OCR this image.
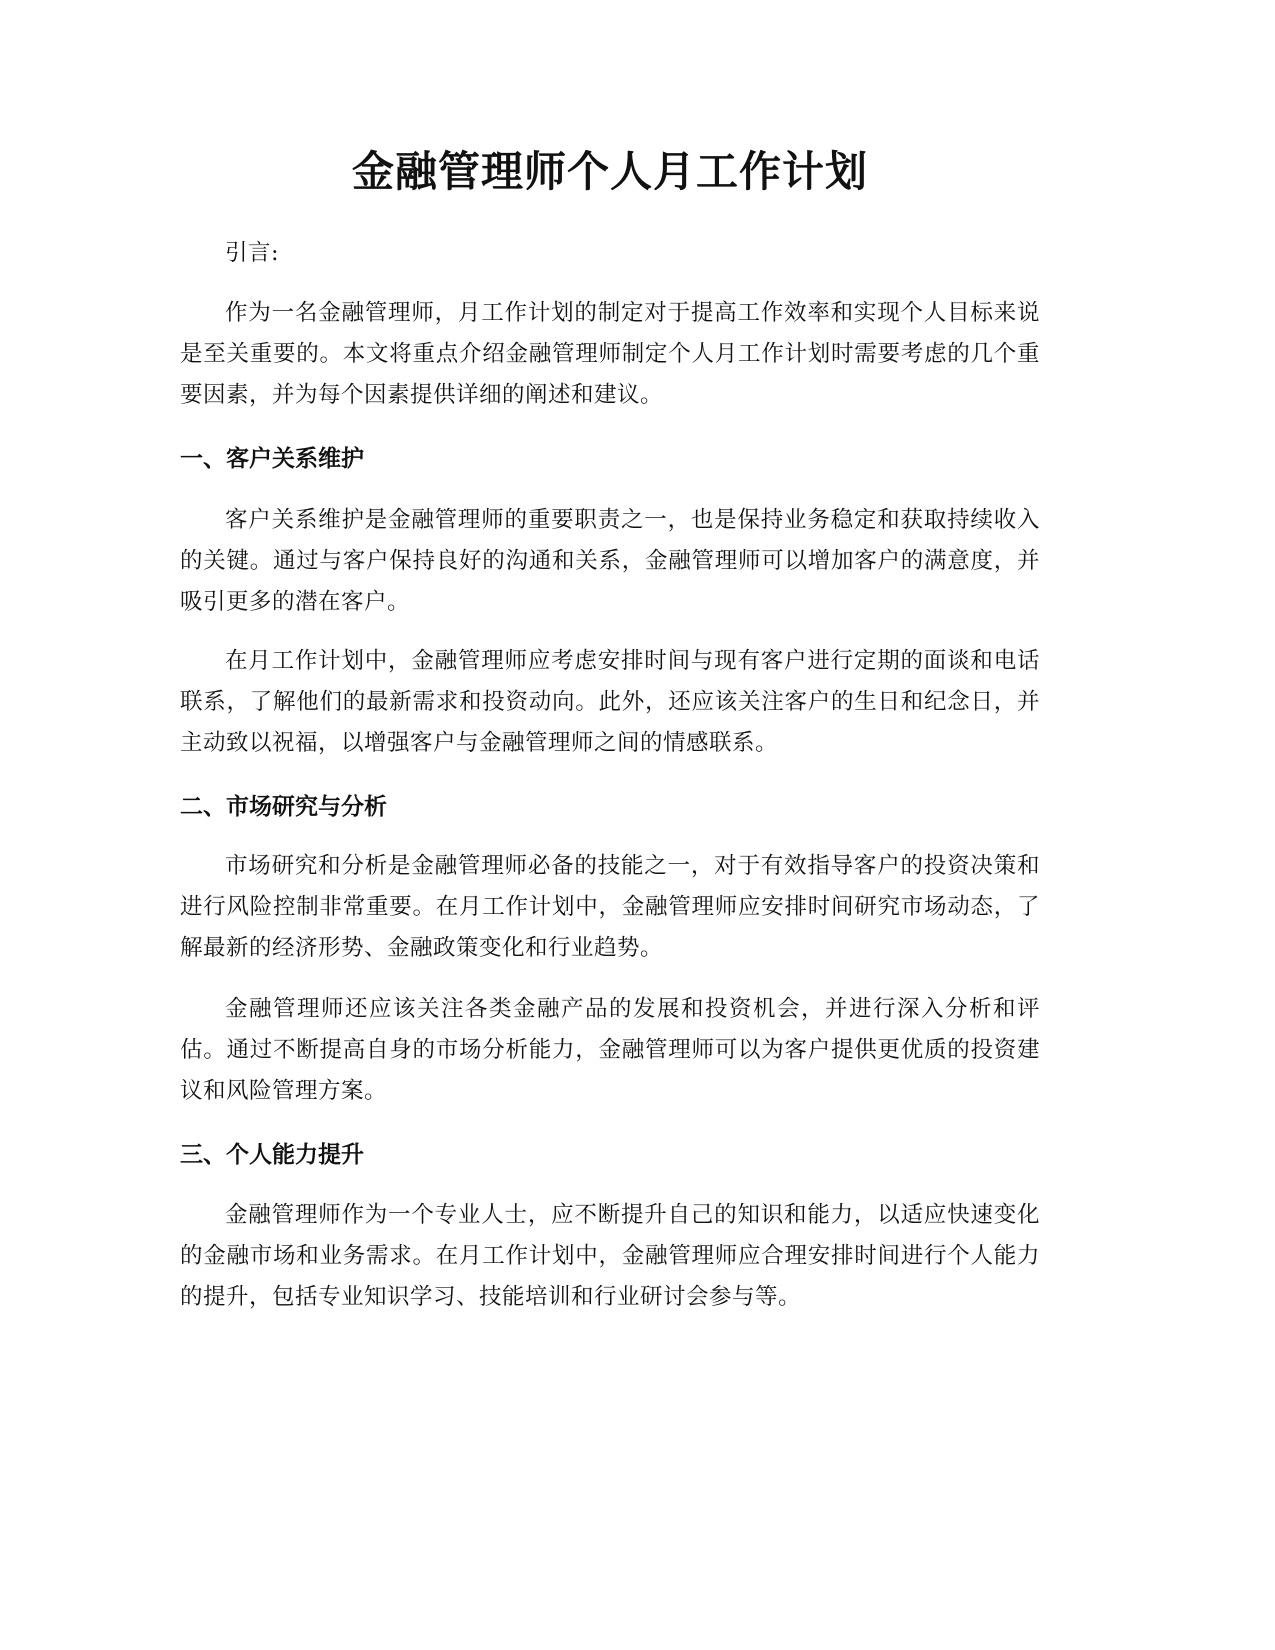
金融管理师个人月工作计划

引言:

作为一名金融管理师，月工作计划的制定对于提高工作效率和实现个人目标来说是至关重要的。本文将重点介绍金融管理师制定个人月工作计划时需要考虑的几个重要因素，并为每个因素提供详细的阐述和建议。

一、客户关系维护

客户关系维护是金融管理师的重要职责之一，也是保持业务稳定和获取持续收入的关键。通过与客户保持良好的沟通和关系，金融管理师可以增加客户的满意度，并吸引更多的潜在客户。

在月工作计划中，金融管理师应考虑安排时间与现有客户进行定期的面谈和电话联系，了解他们的最新需求和投资动向。此外，还应该关注客户的生日和纪念日，并主动致以祝福，以增强客户与金融管理师之间的情感联系。

二、市场研究与分析

市场研究和分析是金融管理师必备的技能之一，对于有效指导客户的投资决策和进行风险控制非常重要。在月工作计划中，金融管理师应安排时间研究市场动态，了解最新的经济形势、金融政策变化和行业趋势。

金融管理师还应该关注各类金融产品的发展和投资机会，并进行深入分析和评估。通过不断提高自身的市场分析能力，金融管理师可以为客户提供更优质的投资建议和风险管理方案。

三、个人能力提升

金融管理师作为一个专业人士，应不断提升自己的知识和能力，以适应快速变化的金融市场和业务需求。在月工作计划中，金融管理师应合理安排时间进行个人能力的提升，包括专业知识学习、技能培训和行业研讨会参与等。
